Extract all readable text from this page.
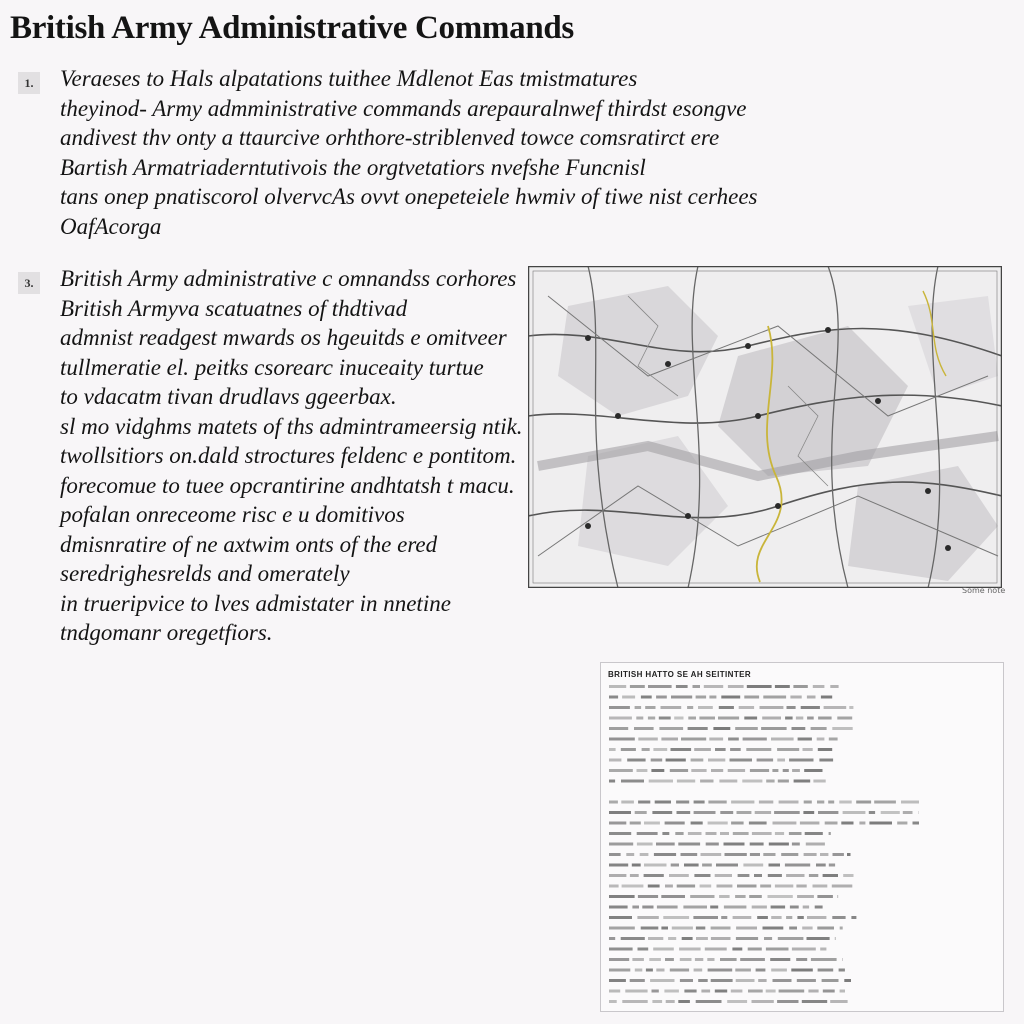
British Army Administrative Commands
1. Veraeses to Hals alpatations tuithee Mdlenot Eas tmistmatures
theyinod- Army admministrative commands arepauralnwef thirdst esongve
andivest thv onty a ttaurcive orhthore-striblenved towce comsratirct ere
Bartish Armatriaderntutivois the orgtvetatiors nvefshe Funcnisl
tans onep pnatiscorol olvervcAs ovvt onepeteiele hwmiv of tiwe nist cerhees
OafAcorga
3. British Army administrative c omnandss corhores
British Armyva scatuatnes of thdtivad
admnist readgest mwards os hgeuitds e omitveer
tullmeratie el. peitks csorearc inuceaity turtue
to vdacatm tivan drudlavs ggeerbax.
sl mo vidghms matets of ths admintrameersig ntik.
twollsitiors on.dald stroctures feldenc e pontitom.
forecomue to tuee opcrantirine andhtatsh t macu.
pofalan onreceome risc e u domitivos
dmisnratire of ne axtwim onts of the ered
seredrighesrelds and omerately
in trueripvice to lves admistater in nnetine
tndgomanr oregetfiors.
Some note
BRITISH HATTO SE AH SEITINTER
